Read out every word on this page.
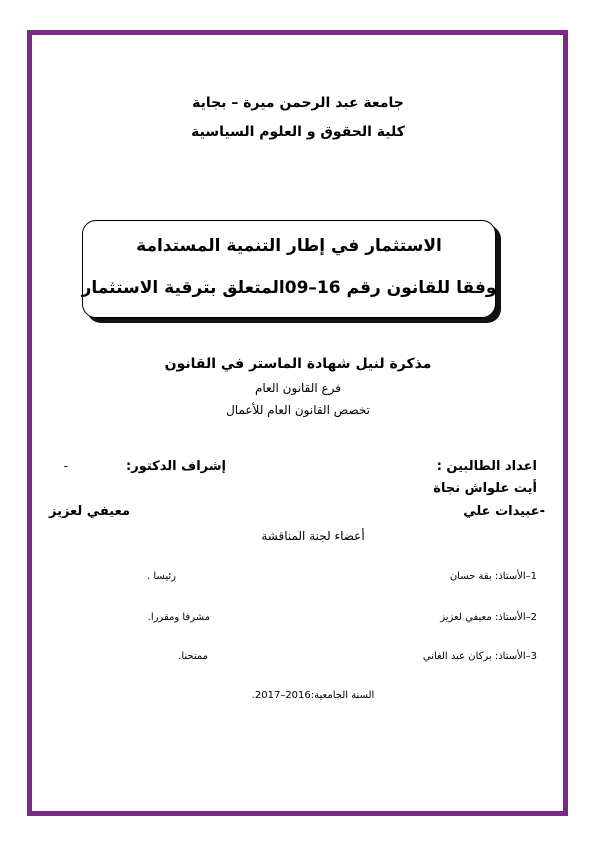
جامعة عبد الرحمن ميرة – بجاية
كلية الحقوق و العلوم السياسية
الاستثمار في إطار التنمية المستدامة
وفقا للقانون رقم 16–09المتعلق بترقية الاستثمار
مذكرة لنيل شهادة الماستر في القانون
فرع القانون العام
تخصص القانون العام للأعمال
اعداد الطالبين :
إشراف الدكتور:
-
أيت علواش نجاة
-عبيدات علي
معيفي لعزيز
أعضاء لجنة المناقشة
1–الأستاذ: بقة حسان
رئيسا .
2–الأستاذ: معيفي لعزيز
مشرفا ومقررا.
3–الأستاذ: بركان عبد الغاني
ممتحنا.
السنة الجامعية:2016–2017.
